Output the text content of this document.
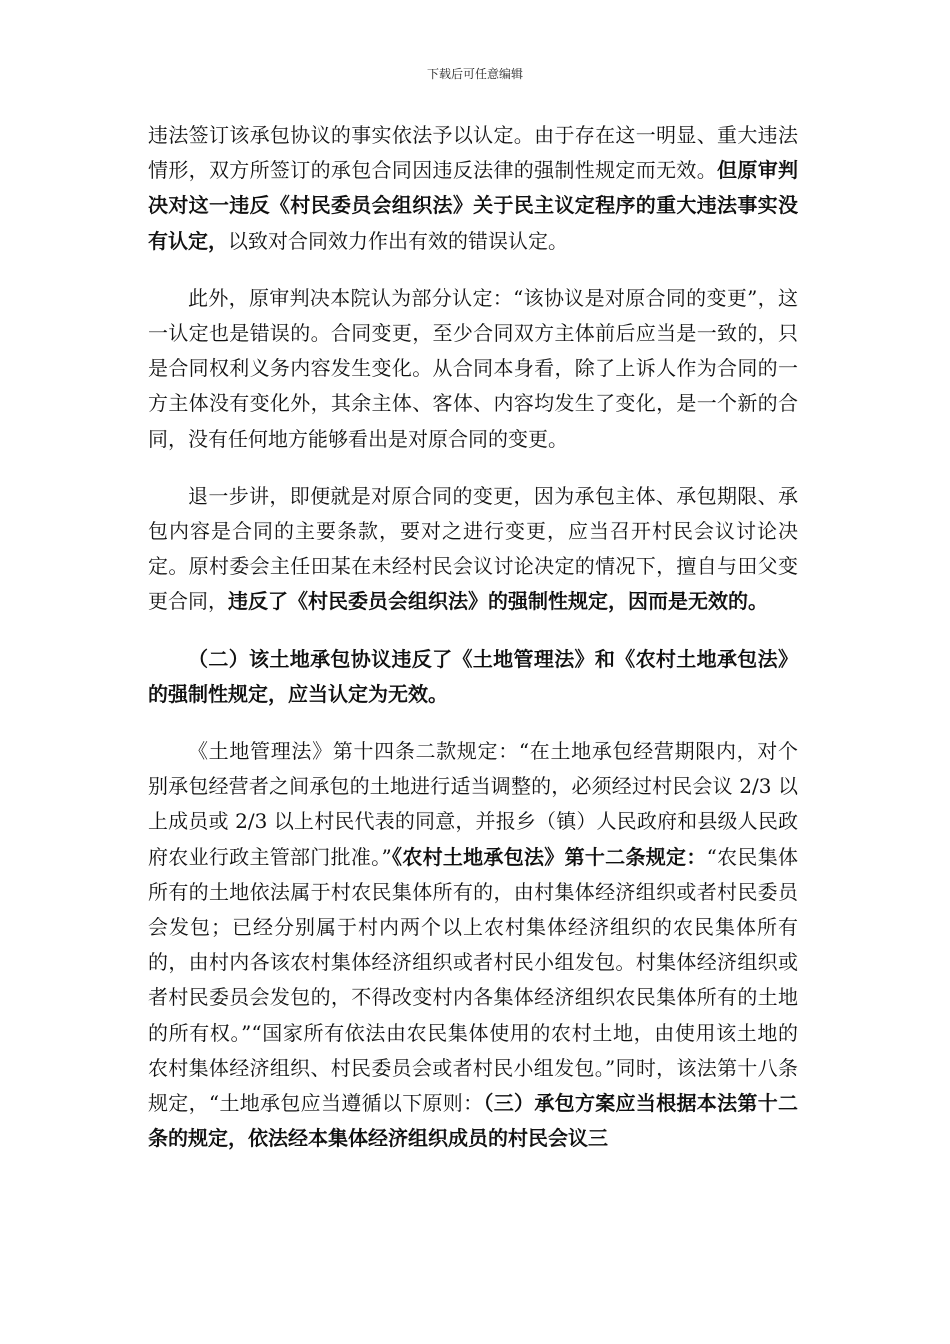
下载后可任意编辑

违法签订该承包协议的事实依法予以认定。由于存在这一明显、重大违法情形，双方所签订的承包合同因违反法律的强制性规定而无效。但原审判决对这一违反《村民委员会组织法》关于民主议定程序的重大违法事实没有认定，以致对合同效力作出有效的错误认定。

此外，原审判决本院认为部分认定：“该协议是对原合同的变更”，这一认定也是错误的。合同变更，至少合同双方主体前后应当是一致的，只是合同权利义务内容发生变化。从合同本身看，除了上诉人作为合同的一方主体没有变化外，其余主体、客体、内容均发生了变化，是一个新的合同，没有任何地方能够看出是对原合同的变更。

退一步讲，即便就是对原合同的变更，因为承包主体、承包期限、承包内容是合同的主要条款，要对之进行变更，应当召开村民会议讨论决定。原村委会主任田某在未经村民会议讨论决定的情况下，擅自与田父变更合同，违反了《村民委员会组织法》的强制性规定，因而是无效的。

（二）该土地承包协议违反了《土地管理法》和《农村土地承包法》的强制性规定，应当认定为无效。

《土地管理法》第十四条二款规定：“在土地承包经营期限内，对个别承包经营者之间承包的土地进行适当调整的，必须经过村民会议 2/3 以上成员或 2/3 以上村民代表的同意，并报乡（镇）人民政府和县级人民政府农业行政主管部门批准。”《农村土地承包法》第十二条规定：“农民集体所有的土地依法属于村农民集体所有的，由村集体经济组织或者村民委员会发包；已经分别属于村内两个以上农村集体经济组织的农民集体所有的，由村内各该农村集体经济组织或者村民小组发包。村集体经济组织或者村民委员会发包的，不得改变村内各集体经济组织农民集体所有的土地的所有权。”“国家所有依法由农民集体使用的农村土地，由使用该土地的农村集体经济组织、村民委员会或者村民小组发包。”同时，该法第十八条规定，“土地承包应当遵循以下原则：（三）承包方案应当根据本法第十二条的规定，依法经本集体经济组织成员的村民会议三
